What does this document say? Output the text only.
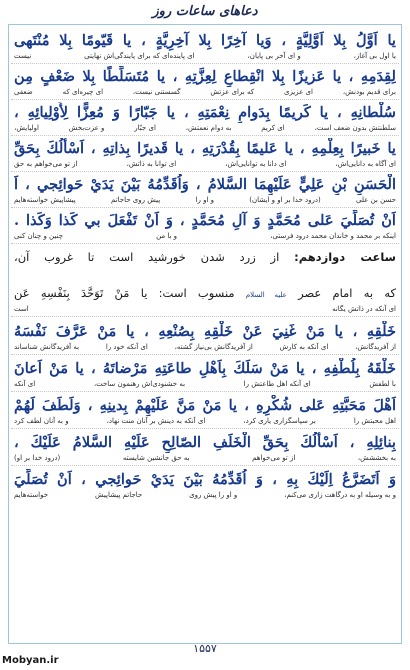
دعاهای ساعات روز
يا اَوَّلُ بِلا اَوَّلِيَّةٍ ، وَيا آخِرًا بِلا آخِرِيَّةٍ ، يا قَيّومًا بِلا مُنْتَهى
یا اول بی آغاز،
و ای آخر بی پایان،
ای پاینده‌ای که برای پایندگی‌اش نهایتی
نیست
لِقِدَمِهِ ، يا عَزيزًا بِلا انْقِطاعٍ لِعِزَّتِهِ ، يا مُتَسَلِّطًا بِلا ضَعْفٍ مِن
برای قدیم بودنش،
ای عزیزی
که برای عزتش
گسستنی نیست،
ای چیره‌ای که
ضعفی
سُلْطانِهِ ، يا كَريمًا بِدَوامِ نِعْمَتِهِ ، يا جَبّارًا وَ مُعِزًّا لِأَوْلِيائِهِ ،
سلطنتش بدون ضعف است،
ای کریم
به دوام نعمتش،
ای جبّار
و عزت‌بخش
اولیایش،
يا خَبيرًا بِعِلْمِهِ ، يا عَليمًا بِقُدْرَتِهِ ، يا قَديرًا بِذاتِهِ ، اَسْأَلُكَ بِحَقِّ
ای آگاه به دانایی‌اش،
ای دانا به توانایی‌اش،
ای توانا به ذاتش،
از تو می‌خواهم به حق
الْحَسَنِ بْنِ عَلِيٍّ عَلَيْهِمَا السَّلامُ ، وَاُقَدِّمُهُ بَيْنَ يَدَيْ حَوائِجي ، اَ
حسن بن علی
(درود خدا بر او و ایشان)
و او را
پیش روی حاجاتم
پیشاپیش خواسته‌هایم
اَنْ تُصَلِّيَ عَلى مُحَمَّدٍ وَ آلِ مُحَمَّدٍ ، وَ اَنْ تَفْعَلَ بي كَذا وَكَذا .
اینکه بر محمد و خاندان محمد درود فرستی،
و با من
چنین و چنان کنی
ساعت دوازدهم: از زرد شدن خورشید است تا غروب آن،
که به امام عصر عليه السلام منسوب است: يا مَنْ تَوَحَّدَ بِنَفْسِهِ عَن
ای آنکه در ذاتش یگانه
است
خَلْقِهِ ، يا مَنْ غَنِيَ عَنْ خَلْقِهِ بِصُنْعِهِ ، يا مَنْ عَرَّفَ نَفْسَهُ
از آفریدگانش،
ای آنکه به کارش
از آفریدگانش بی‌نیاز گشته،
ای آنکه خود را
به آفریدگانش شناساند
خَلْقَهُ بِلُطْفِهِ ، يا مَنْ سَلَكَ بِاَهْلِ طاعَتِهِ مَرْضاتَهُ ، يا مَنْ اَعانَ
با لطفش
ای آنکه اهل طاعتش را
به خشنودی‌اش رهنمون ساخت،
ای آنکه
اَهْلَ مَحَبَّتِهِ عَلى شُكْرِهِ ، يا مَنْ مَنَّ عَلَيْهِمْ بِدينِهِ ، وَلَطَفَ لَهُمْ
اهل محبتش را
بر سپاسگزاری یاری کرد،
ای آنکه به دینش بر آنان منت نهاد،
و به آنان لطف کرد
بِنائِلِهِ ، اَسْأَلُكَ بِحَقِّ الْخَلَفِ الصّالِحِ عَلَيْهِ السَّلامُ عَلَيْكَ ،
به بخششش،
از تو می‌خواهم
به حق جانشین شایسته
(درود خدا بر او)
وَ اَتَضَرَّعُ اِلَيْكَ بِهِ ، وَ اُقَدِّمُهُ بَيْنَ يَدَيْ حَوائِجي ، اَنْ تُصَلِّيَ
و به وسیله او به درگاهت زاری می‌کنم،
و او را پیش روی
حاجاتم پیشاپیش
خواسته‌هایم
۱۵۵۷
Mobyan.ir
